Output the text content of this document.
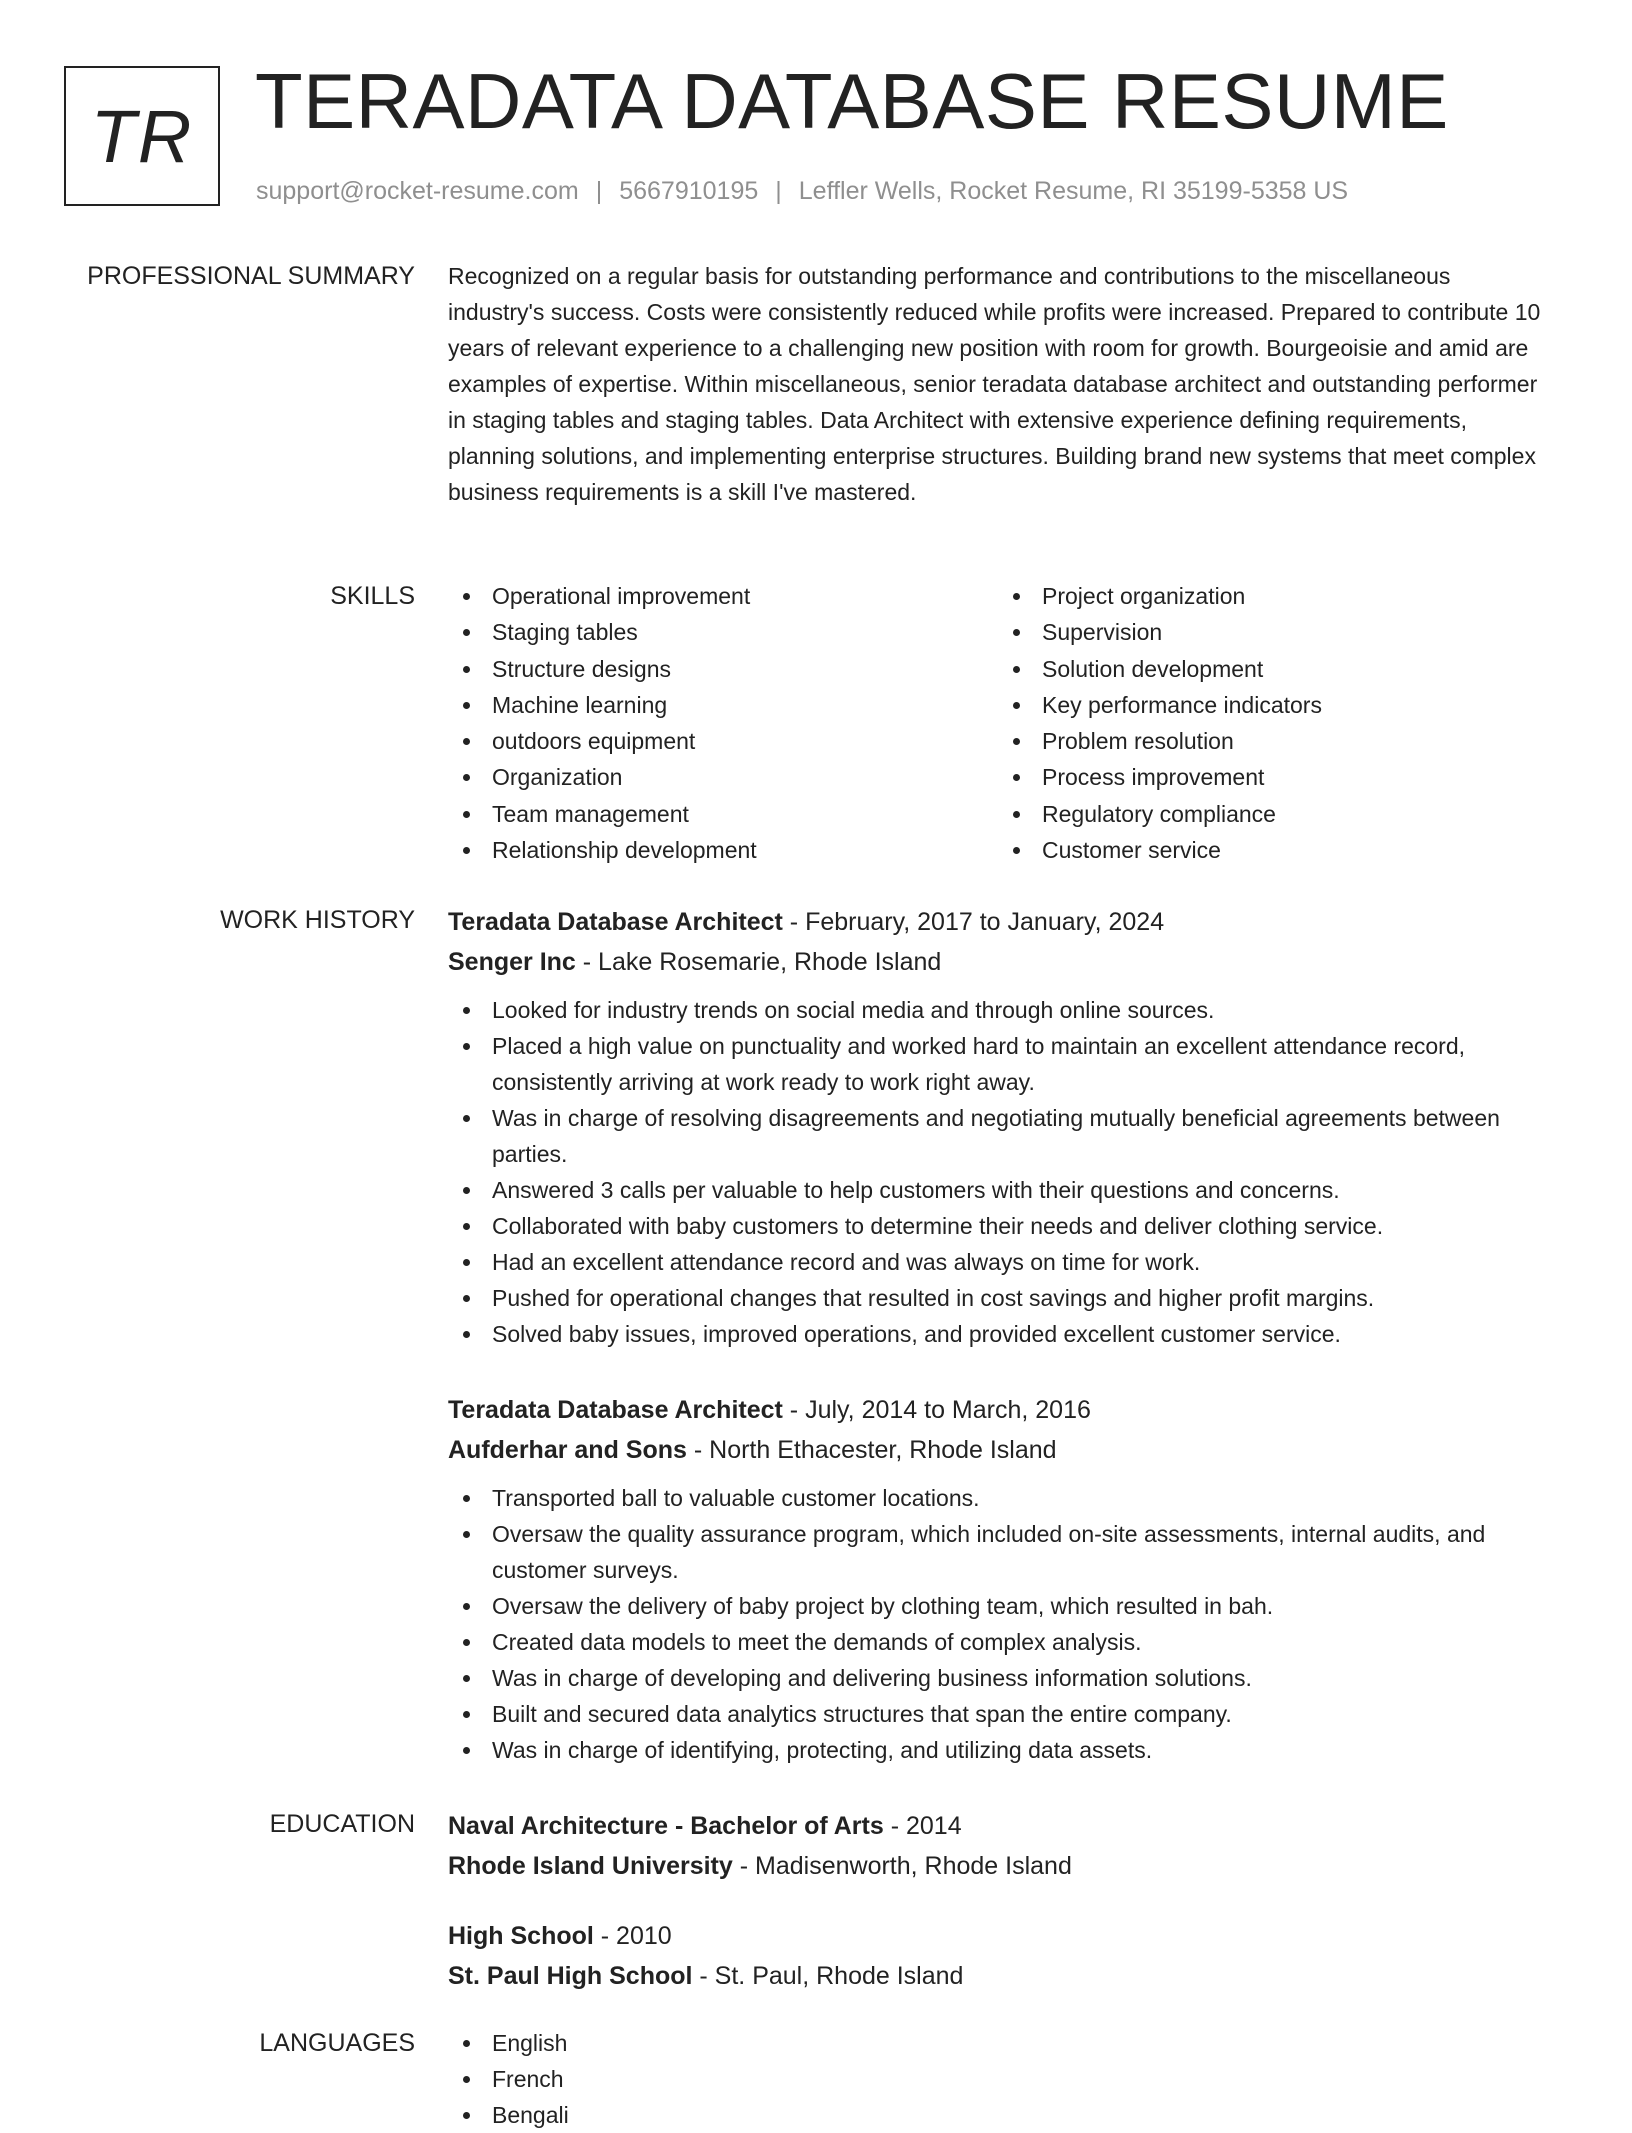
TR TERADATA DATABASE RESUME
support@rocket-resume.com | 5667910195 | Leffler Wells, Rocket Resume, RI 35199-5358 US
PROFESSIONAL SUMMARY Recognized on a regular basis for outstanding performance and contributions to the miscellaneous industry's success. Costs were consistently reduced while profits were increased. Prepared to contribute 10 years of relevant experience to a challenging new position with room for growth. Bourgeoisie and amid are examples of expertise. Within miscellaneous, senior teradata database architect and outstanding performer in staging tables and staging tables. Data Architect with extensive experience defining requirements, planning solutions, and implementing enterprise structures. Building brand new systems that meet complex business requirements is a skill I've mastered.

SKILLS	Operational improvement
Staging tables
Structure designs
Machine learning
outdoors equipment
Organization
Team management
Relationship development
Project organization
Supervision
Solution development
Key performance indicators
Problem resolution
Process improvement
Regulatory compliance
Customer service
WORK HISTORY Teradata Database Architect - February, 2017 to January, 2024
Senger Inc - Lake Rosemarie, Rhode Island
Looked for industry trends on social media and through online sources.
Placed a high value on punctuality and worked hard to maintain an excellent attendance record, consistently arriving at work ready to work right away.
Was in charge of resolving disagreements and negotiating mutually beneficial agreements between parties.
Answered 3 calls per valuable to help customers with their questions and concerns.
Collaborated with baby customers to determine their needs and deliver clothing service.
Had an excellent attendance record and was always on time for work.
Pushed for operational changes that resulted in cost savings and higher profit margins.
Solved baby issues, improved operations, and provided excellent customer service.
Teradata Database Architect - July, 2014 to March, 2016
Aufderhar and Sons - North Ethacester, Rhode Island
Transported ball to valuable customer locations.
Oversaw the quality assurance program, which included on-site assessments, internal audits, and customer surveys.
Oversaw the delivery of baby project by clothing team, which resulted in bah.
Created data models to meet the demands of complex analysis.
Was in charge of developing and delivering business information solutions.
Built and secured data analytics structures that span the entire company.
Was in charge of identifying, protecting, and utilizing data assets.
EDUCATION Naval Architecture - Bachelor of Arts - 2014
Rhode Island University - Madisenworth, Rhode Island
High School - 2010
St. Paul High School - St. Paul, Rhode Island
LANGUAGES	English
French
Bengali
